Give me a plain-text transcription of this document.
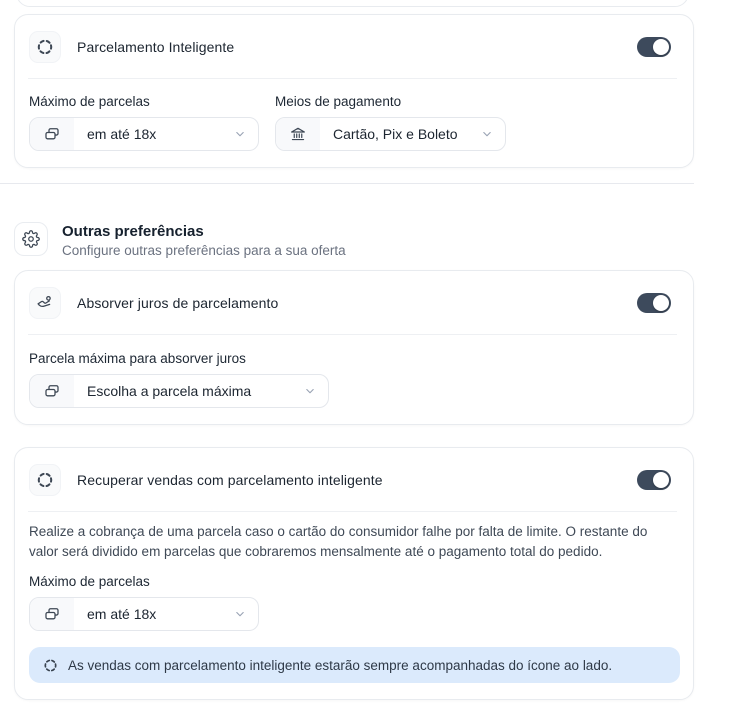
Parcelamento Inteligente
Máximo de parcelas
em até 18x
Meios de pagamento
Cartão, Pix e Boleto
Outras preferências
Configure outras preferências para a sua oferta
Absorver juros de parcelamento
Parcela máxima para absorver juros
Escolha a parcela máxima
Recuperar vendas com parcelamento inteligente

Realize a cobrança de uma parcela caso o cartão do consumidor falhe por falta de limite. O restante do valor será dividido em parcelas que cobraremos mensalmente até o pagamento total do pedido.

Máximo de parcelas
em até 18x
As vendas com parcelamento inteligente estarão sempre acompanhadas do ícone ao lado.
